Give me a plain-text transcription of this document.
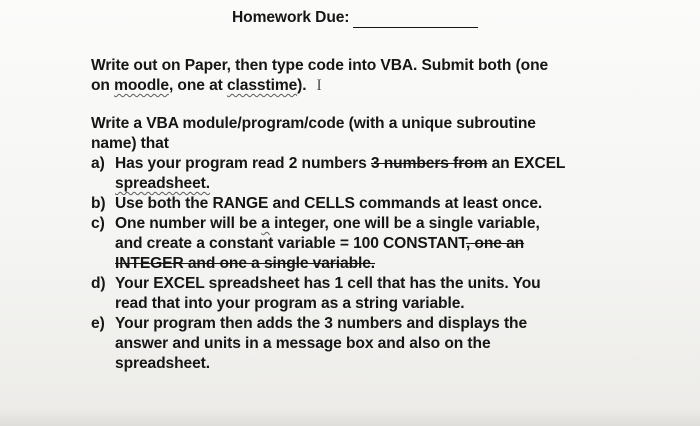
Homework Due:

Write out on Paper, then type code into VBA. Submit both (one

on moodle, one at classtime). I

Write a VBA module/program/code (with a unique subroutine

name) that

a) Has your program read 2 numbers 3 numbers from an EXCEL
spreadsheet.
b) Use both the RANGE and CELLS commands at least once.
c) One number will be a integer, one will be a single variable,
and create a constant variable = 100 CONSTANT, one an
INTEGER and one a single variable.
d) Your EXCEL spreadsheet has 1 cell that has the units. You
read that into your program as a string variable.
e) Your program then adds the 3 numbers and displays the
answer and units in a message box and also on the
spreadsheet.
